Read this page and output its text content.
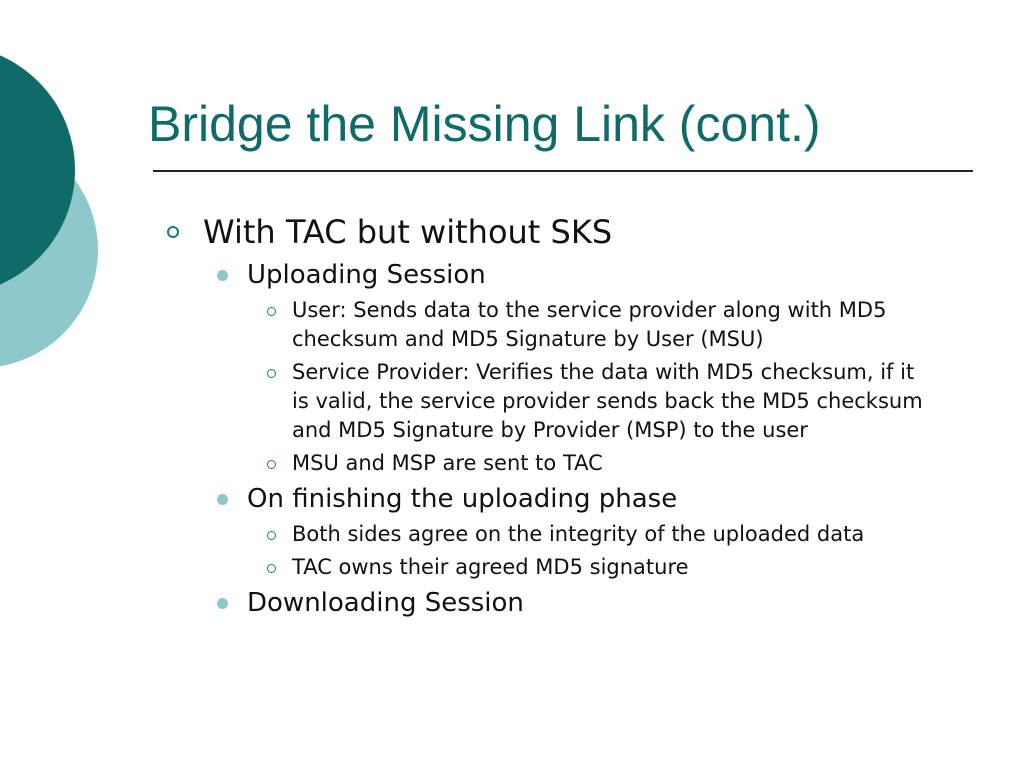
Bridge the Missing Link (cont.)
With TAC but without SKS
Uploading Session
User: Sends data to the service provider along with MD5 checksum and MD5 Signature by User (MSU)
Service Provider: Verifies the data with MD5 checksum, if it is valid, the service provider sends back the MD5 checksum and MD5 Signature by Provider (MSP) to the user
MSU and MSP are sent to TAC
On finishing the uploading phase
Both sides agree on the integrity of the uploaded data
TAC owns their agreed MD5 signature
Downloading Session
